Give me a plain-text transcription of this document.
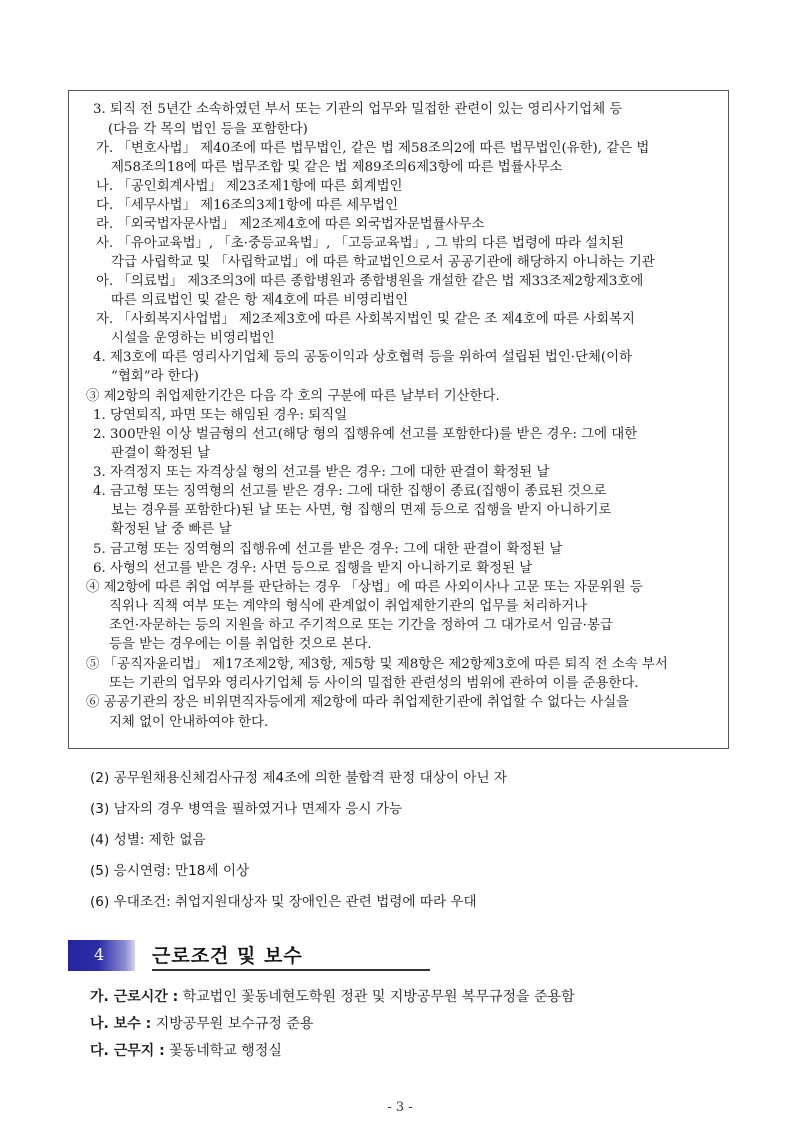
3. 퇴직 전 5년간 소속하였던 부서 또는 기관의 업무와 밀접한 관련이 있는 영리사기업체 등
(다음 각 목의 법인 등을 포함한다)
가. 「변호사법」 제40조에 따른 법무법인, 같은 법 제58조의2에 따른 법무법인(유한), 같은 법
제58조의18에 따른 법무조합 및 같은 법 제89조의6제3항에 따른 법률사무소
나. 「공인회계사법」 제23조제1항에 따른 회계법인
다. 「세무사법」 제16조의3제1항에 따른 세무법인
라. 「외국법자문사법」 제2조제4호에 따른 외국법자문법률사무소
사. 「유아교육법」, 「초·중등교육법」, 「고등교육법」, 그 밖의 다른 법령에 따라 설치된
각급 사립학교 및 「사립학교법」에 따른 학교법인으로서 공공기관에 해당하지 아니하는 기관
아. 「의료법」 제3조의3에 따른 종합병원과 종합병원을 개설한 같은 법 제33조제2항제3호에
따른 의료법인 및 같은 항 제4호에 따른 비영리법인
자. 「사회복지사업법」 제2조제3호에 따른 사회복지법인 및 같은 조 제4호에 따른 사회복지
시설을 운영하는 비영리법인
4. 제3호에 따른 영리사기업체 등의 공동이익과 상호협력 등을 위하여 설립된 법인·단체(이하
“협회”라 한다)
③ 제2항의 취업제한기간은 다음 각 호의 구분에 따른 날부터 기산한다.
1. 당연퇴직, 파면 또는 해임된 경우: 퇴직일
2. 300만원 이상 벌금형의 선고(해당 형의 집행유예 선고를 포함한다)를 받은 경우: 그에 대한
판결이 확정된 날
3. 자격정지 또는 자격상실 형의 선고를 받은 경우: 그에 대한 판결이 확정된 날
4. 금고형 또는 징역형의 선고를 받은 경우: 그에 대한 집행이 종료(집행이 종료된 것으로
보는 경우를 포함한다)된 날 또는 사면, 형 집행의 면제 등으로 집행을 받지 아니하기로
확정된 날 중 빠른 날
5. 금고형 또는 징역형의 집행유예 선고를 받은 경우: 그에 대한 판결이 확정된 날
6. 사형의 선고를 받은 경우: 사면 등으로 집행을 받지 아니하기로 확정된 날
④ 제2항에 따른 취업 여부를 판단하는 경우 「상법」에 따른 사외이사나 고문 또는 자문위원 등
직위나 직책 여부 또는 계약의 형식에 관계없이 취업제한기관의 업무를 처리하거나
조언·자문하는 등의 지원을 하고 주기적으로 또는 기간을 정하여 그 대가로서 임금·봉급
등을 받는 경우에는 이를 취업한 것으로 본다.
⑤ 「공직자윤리법」 제17조제2항, 제3항, 제5항 및 제8항은 제2항제3호에 따른 퇴직 전 소속 부서
또는 기관의 업무와 영리사기업체 등 사이의 밀접한 관련성의 범위에 관하여 이를 준용한다.
⑥ 공공기관의 장은 비위면직자등에게 제2항에 따라 취업제한기관에 취업할 수 없다는 사실을
지체 없이 안내하여야 한다.
(2) 공무원채용신체검사규정 제4조에 의한 불합격 판정 대상이 아닌 자
(3) 남자의 경우 병역을 필하였거나 면제자 응시 가능
(4) 성별: 제한 없음
(5) 응시연령: 만18세 이상
(6) 우대조건: 취업지원대상자 및 장애인은 관련 법령에 따라 우대
4	근로조건 및 보수
가. 근로시간 : 학교법인 꽃동네현도학원 정관 및 지방공무원 복무규정을 준용함
나. 보수 : 지방공무원 보수규정 준용
다. 근무지 : 꽃동네학교 행정실
- 3 -
